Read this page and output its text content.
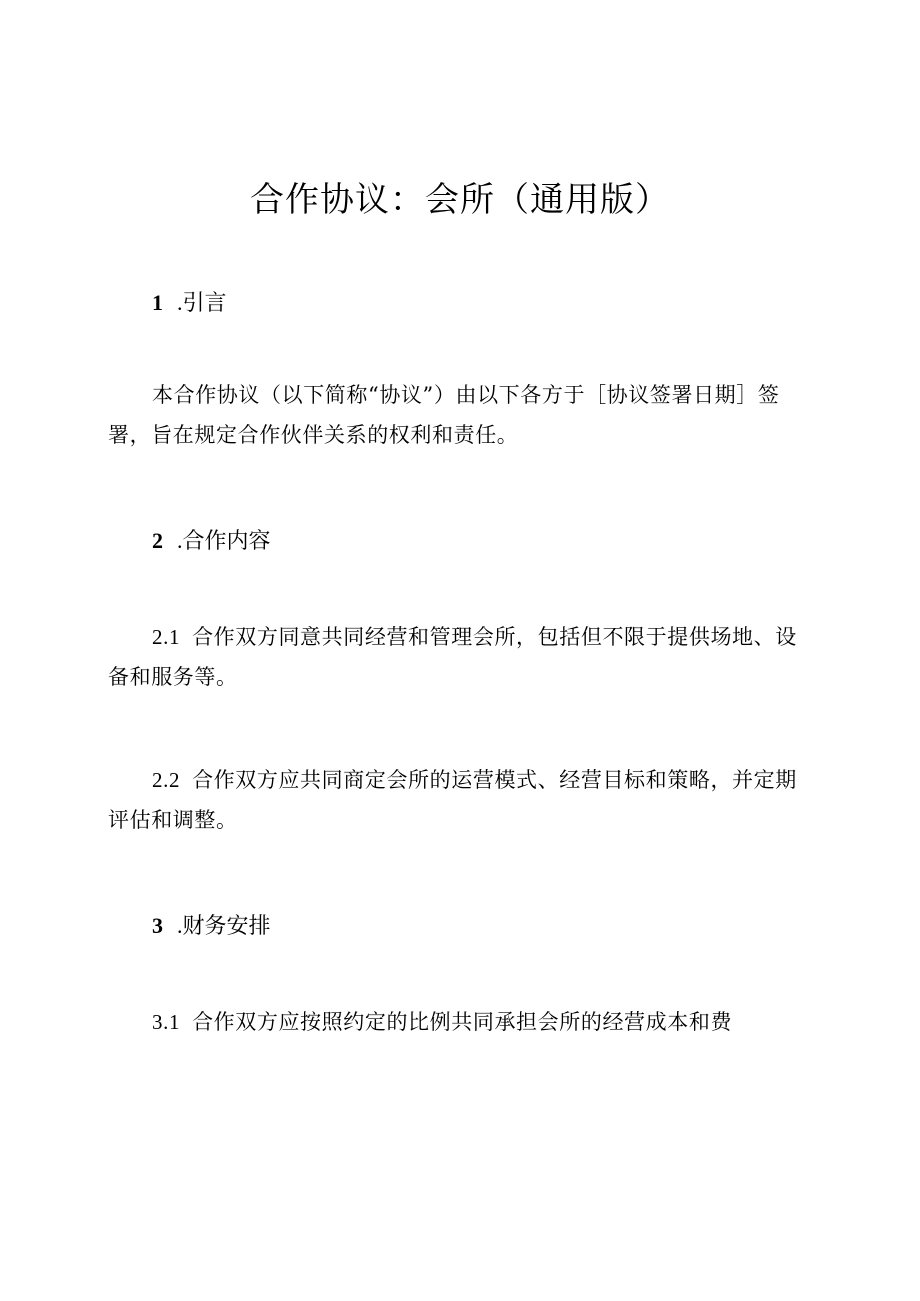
合作协议：会所（通用版）
1 .引言
本合作协议（以下简称“协议”）由以下各方于［协议签署日期］签
署，旨在规定合作伙伴关系的权利和责任。
2 .合作内容
2.1 合作双方同意共同经营和管理会所，包括但不限于提供场地、设
备和服务等。
2.2 合作双方应共同商定会所的运营模式、经营目标和策略，并定期
评估和调整。
3 .财务安排
3.1 合作双方应按照约定的比例共同承担会所的经营成本和费
